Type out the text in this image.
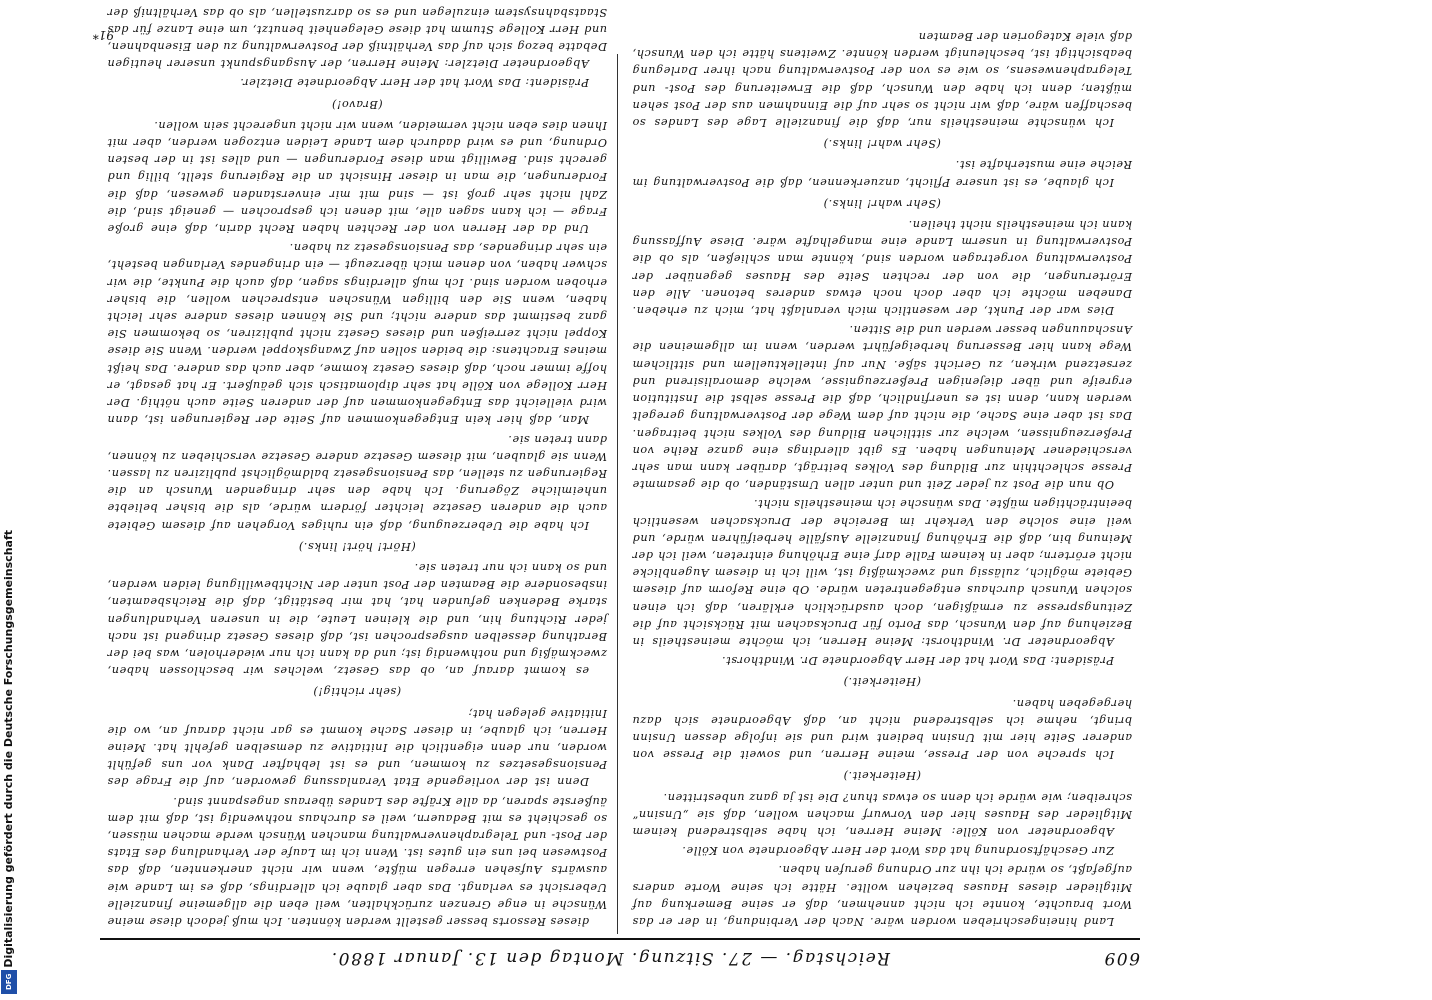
609
Reichstag. — 27. Sitzung. Montag den 13. Januar 1880.

Land hineingeschrieben worden wäre. Nach der Verbindung, in der er das Wort brauchte, konnte ich nicht annehmen, daß er seine Bemerkung auf Mitglieder dieses Hauses beziehen wollte. Hätte ich seine Worte anders aufgefaßt, so würde ich ihn zur Ordnung gerufen haben.

Zur Geschäftsordnung hat das Wort der Herr Abgeordnete von Kölle.

Abgeordneter von Kölle: Meine Herren, ich habe selbstredend keinem Mitglieder des Hauses hier den Vorwurf machen wollen, daß sie „Unsinn“ schreiben; wie würde ich denn so etwas thun? Die ist ja ganz unbestritten.

(Heiterkeit.)

Ich spreche von der Presse, meine Herren, und soweit die Presse von anderer Seite hier mit Unsinn bedient wird und sie infolge dessen Unsinn bringt, nehme ich selbstredend nicht an, daß Abgeordnete sich dazu hergegeben haben.

(Heiterkeit.)

Präsident: Das Wort hat der Herr Abgeordnete Dr. Windthorst.

Abgeordneter Dr. Windthorst: Meine Herren, ich möchte meinestheils in Beziehung auf den Wunsch, das Porto für Drucksachen mit Rücksicht auf die Zeitungspresse zu ermäßigen, doch ausdrücklich erklären, daß ich einen solchen Wunsch durchaus entgegentreten würde. Ob eine Reform auf diesem Gebiete möglich, zulässig und zweckmäßig ist, will ich in diesem Augenblicke nicht erörtern; aber in keinem Falle darf eine Erhöhung eintreten, weil ich der Meinung bin, daß die Erhöhung finanzielle Ausfälle herbeiführen würde, und weil eine solche den Verkehr im Bereiche der Drucksachen wesentlich beeinträchtigen müßte. Das wünsche ich meinestheils nicht.

Ob nun die Post zu jeder Zeit und unter allen Umständen, ob die gesammte Presse schlechthin zur Bildung des Volkes beiträgt, darüber kann man sehr verschiedener Meinungen haben. Es gibt allerdings eine ganze Reihe von Preßerzeugnissen, welche zur sittlichen Bildung des Volkes nicht beitragen. Das ist aber eine Sache, die nicht auf dem Wege der Postverwaltung geregelt werden kann, denn ist es unerfindlich, daß die Presse selbst die Institution ergreife und über diejenigen Preßerzeugnisse, welche demoralisirend und zersetzend wirken, zu Gericht säße. Nur auf intellektuellem und sittlichem Wege kann hier Besserung herbeigeführt werden, wenn im allgemeinen die Anschauungen besser werden und die Sitten.

Dies war der Punkt, der wesentlich mich veranlaßt hat, mich zu erheben. Daneben möchte ich aber doch noch etwas anderes betonen. Alle den Erörterungen, die von der rechten Seite des Hauses gegenüber der Postverwaltung vorgetragen worden sind, könnte man schließen, als ob die Postverwaltung in unserm Lande eine mangelhafte wäre. Diese Auffassung kann ich meinestheils nicht theilen.

(Sehr wahr! links.)

Ich glaube, es ist unsere Pflicht, anzuerkennen, daß die Postverwaltung im Reiche eine musterhafte ist.

(Sehr wahr! links.)

Ich wünschte meinestheils nur, daß die finanzielle Lage des Landes so beschaffen wäre, daß wir nicht so sehr auf die Einnahmen aus der Post sehen müßten; denn ich habe den Wunsch, daß die Erweiterung des Post- und Telegraphenwesens, so wie es von der Postverwaltung nach ihrer Darlegung beabsichtigt ist, beschleunigt werden könnte. Zweitens hätte ich den Wunsch, daß viele Kategorien der Beamten

dieses Ressorts besser gestellt werden könnten. Ich muß jedoch diese meine Wünsche in enge Grenzen zurückhalten, weil eben die allgemeine finanzielle Uebersicht es verlangt. Das aber glaube ich allerdings, daß es im Lande wie auswärts Aufsehen erregen müßte, wenn wir nicht anerkennten, daß das Postwesen bei uns ein gutes ist. Wenn ich im Laufe der Verhandlung des Etats der Post- und Telegraphenverwaltung manchen Wünsch werde machen müssen, so geschieht es mit Bedauern, weil es durchaus nothwendig ist, daß mit dem äußerste sparen, da alle Kräfte des Landes überaus angespannt sind.

Denn ist der vorliegende Etat Veranlassung geworden, auf die Frage des Pensionsgesetzes zu kommen, und es ist lebhafter Dank vor uns gefühlt worden, nur denn eigentlich die Initiative zu demselben gefehlt hat. Meine Herren, ich glaube, in dieser Sache kommt es gar nicht darauf an, wo die Initiative gelegen hat;

(sehr richtig!)

es kommt darauf an, ob das Gesetz, welches wir beschlossen haben, zweckmäßig und nothwendig ist; und da kann ich nur wiederholen, was bei der Berathung desselben ausgesprochen ist, daß dieses Gesetz dringend ist nach jeder Richtung hin, und die kleinen Leute, die in unseren Verhandlungen starke Bedenken gefunden hat, hat mir bestätigt, daß die Reichsbeamten, insbesondere die Beamten der Post unter der Nichtbewilligung leiden werden, und so kann ich nur treten sie.

(Hört! hört! links.)

Ich habe die Ueberzeugung, daß ein ruhiges Vorgehen auf diesem Gebiete auch die anderen Gesetze leichter fördern würde, als die bisher beliebte unheimliche Zögerung. Ich habe den sehr dringenden Wunsch an die Regierungen zu stellen, das Pensionsgesetz baldmöglichst publiziren zu lassen. Wenn sie glauben, mit diesem Gesetze andere Gesetze verschieben zu können, dann treten sie.

Man, daß hier kein Entgegenkommen auf Seite der Regierungen ist, dann wird vielleicht das Entgegenkommen auf der anderen Seite auch nöthig. Der Herr Kollege von Kölle hat sehr diplomatisch sich geäußert. Er hat gesagt, er hoffe immer noch, daß dieses Gesetz komme, aber auch das andere. Das heißt meines Erachtens: die beiden sollen auf Zwangskoppel werden. Wenn Sie diese Koppel nicht zerreißen und dieses Gesetz nicht publiziren, so bekommen Sie ganz bestimmt das andere nicht; und Sie können dieses andere sehr leicht haben, wenn Sie den billigen Wünschen entsprechen wollen, die bisher erhoben worden sind. Ich muß allerdings sagen, daß auch die Punkte, die wir schwer haben, von denen mich überzeugt — ein dringendes Verlangen besteht, ein sehr dringendes, das Pensionsgesetz zu haben.

Und da der Herren von der Rechten haben Recht darin, daß eine große Frage — ich kann sagen alle, mit denen ich gesprochen — geneigt sind, die Zahl nicht sehr groß ist — sind mit mir einverstanden gewesen, daß die Forderungen, die man in dieser Hinsicht an die Regierung stellt, billig und gerecht sind. Bewilligt man diese Forderungen — und alles ist in der besten Ordnung, und es wird dadurch dem Lande Leiden entzogen werden, aber mit Ihnen dies eben nicht vermeiden, wenn wir nicht ungerecht sein wollen.

(Bravo!)

Präsident: Das Wort hat der Herr Abgeordnete Dietzler.

Abgeordneter Dietzler: Meine Herren, der Ausgangspunkt unserer heutigen Debatte bezog sich auf das Verhältniß der Postverwaltung zu den Eisenbahnen, und Herr Kollege Stumm hat diese Gelegenheit benutzt, um eine Lanze für das Staatsbahnsystem einzulegen und es so darzustellen, als ob das Verhältniß der

91*
Digitalisierung gefördert durch die Deutsche Forschungsgemeinschaft
DFG
